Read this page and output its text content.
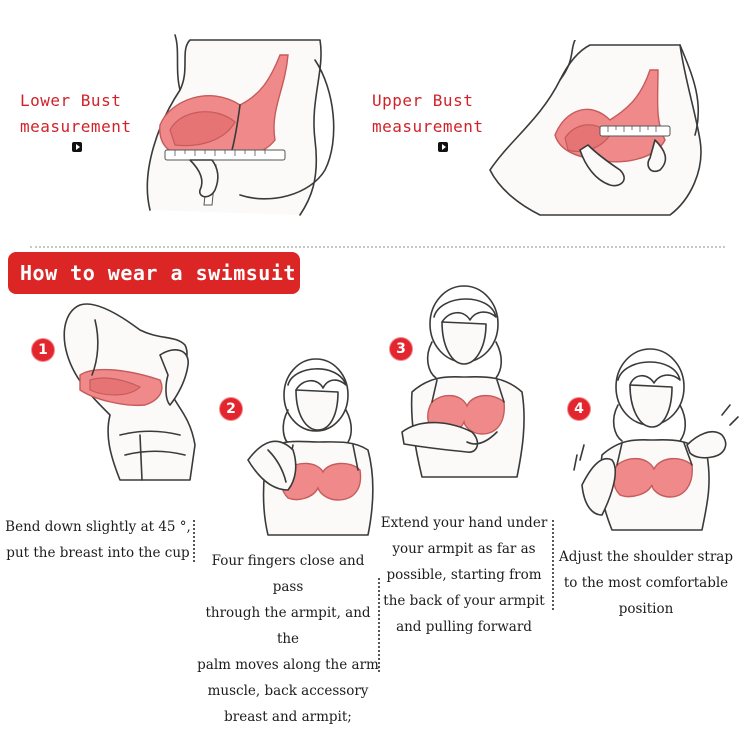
Lower Bust
measurement
Upper Bust
measurement
How to wear a swimsuit:
1
Bend down slightly at 45 °,
put the breast into the cup
2
Four fingers close and pass
through the armpit, and the
palm moves along the arm
muscle, back accessory
breast and armpit;
3
Extend your hand under
your armpit as far as
possible, starting from
the back of your armpit
and pulling forward
4
Adjust the shoulder strap
to the most comfortable
position
